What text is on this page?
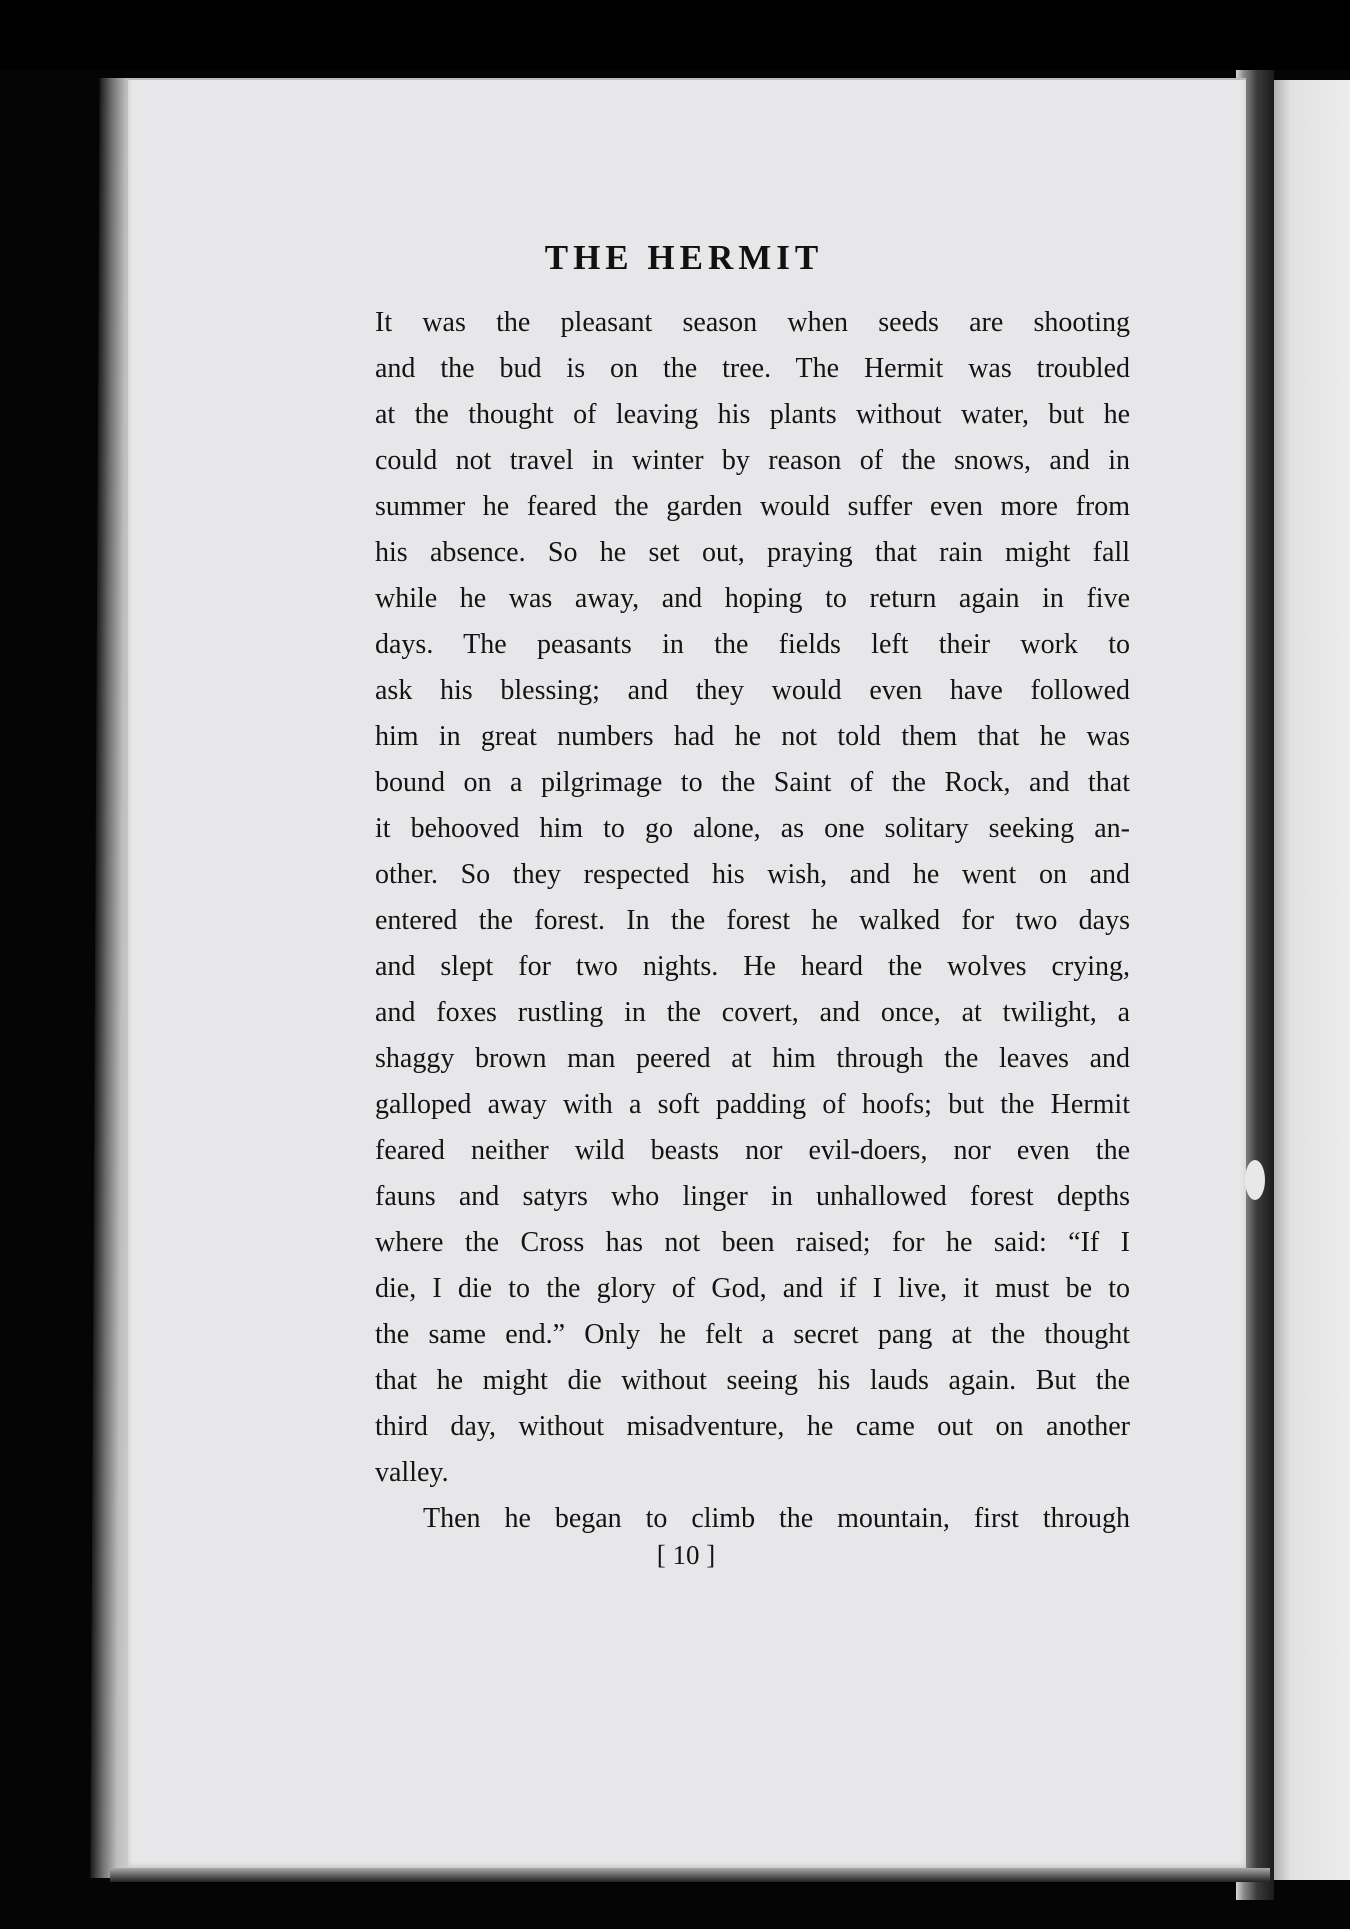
THE HERMIT
It was the pleasant season when seeds are shooting
and the bud is on the tree. The Hermit was troubled
at the thought of leaving his plants without water, but he
could not travel in winter by reason of the snows, and in
summer he feared the garden would suffer even more from
his absence. So he set out, praying that rain might fall
while he was away, and hoping to return again in five
days. The peasants in the fields left their work to
ask his blessing; and they would even have followed
him in great numbers had he not told them that he was
bound on a pilgrimage to the Saint of the Rock, and that
it behooved him to go alone, as one solitary seeking an-
other. So they respected his wish, and he went on and
entered the forest. In the forest he walked for two days
and slept for two nights. He heard the wolves crying,
and foxes rustling in the covert, and once, at twilight, a
shaggy brown man peered at him through the leaves and
galloped away with a soft padding of hoofs; but the Hermit
feared neither wild beasts nor evil-doers, nor even the
fauns and satyrs who linger in unhallowed forest depths
where the Cross has not been raised; for he said: “If I
die, I die to the glory of God, and if I live, it must be to
the same end.” Only he felt a secret pang at the thought
that he might die without seeing his lauds again. But the
third day, without misadventure, he came out on another
valley.
Then he began to climb the mountain, first through
[ 10 ]
